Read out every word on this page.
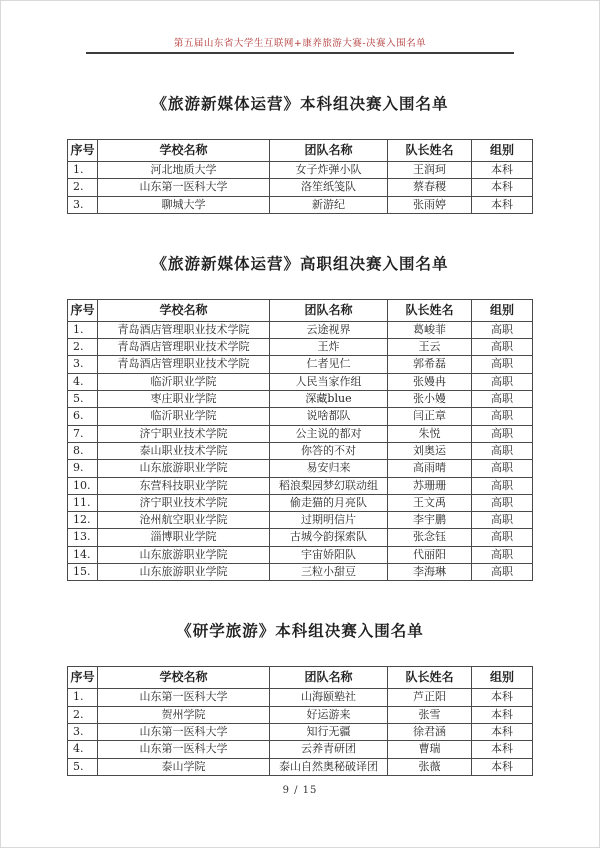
第五届山东省大学生互联网+康养旅游大赛-决赛入围名单
《旅游新媒体运营》本科组决赛入围名单
序号	学校名称	团队名称	队长姓名	组别
1.	河北地质大学	女子炸弹小队	王润珂	本科
2.	山东第一医科大学	洛笙纸笺队	蔡春稷	本科
3.	聊城大学	新游纪	张雨婷	本科
《旅游新媒体运营》高职组决赛入围名单
序号	学校名称	团队名称	队长姓名	组别
1.	青岛酒店管理职业技术学院	云途视界	葛峻菲	高职
2.	青岛酒店管理职业技术学院	王炸	王云	高职
3.	青岛酒店管理职业技术学院	仁者见仁	郭希磊	高职
4.	临沂职业学院	人民当家作组	张嫚冉	高职
5.	枣庄职业学院	深藏blue	张小嫚	高职
6.	临沂职业学院	说啥都队	闫正章	高职
7.	济宁职业技术学院	公主说的都对	朱悦	高职
8.	泰山职业技术学院	你答的不对	刘奥运	高职
9.	山东旅游职业学院	易安归来	高雨晴	高职
10.	东营科技职业学院	稻浪梨园梦幻联动组	苏珊珊	高职
11.	济宁职业技术学院	偷走猫的月亮队	王文禹	高职
12.	沧州航空职业学院	过期明信片	李宇鹏	高职
13.	淄博职业学院	古城今韵探索队	张念钰	高职
14.	山东旅游职业学院	宇宙娇阳队	代丽阳	高职
15.	山东旅游职业学院	三粒小甜豆	李海琳	高职
《研学旅游》本科组决赛入围名单
序号	学校名称	团队名称	队长姓名	组别
1.	山东第一医科大学	山海颐塾社	芦正阳	本科
2.	贺州学院	好运游来	张雪	本科
3.	山东第一医科大学	知行无疆	徐君涵	本科
4.	山东第一医科大学	云养青研团	曹瑞	本科
5.	泰山学院	泰山自然奥秘破译团	张薇	本科
9 / 15
